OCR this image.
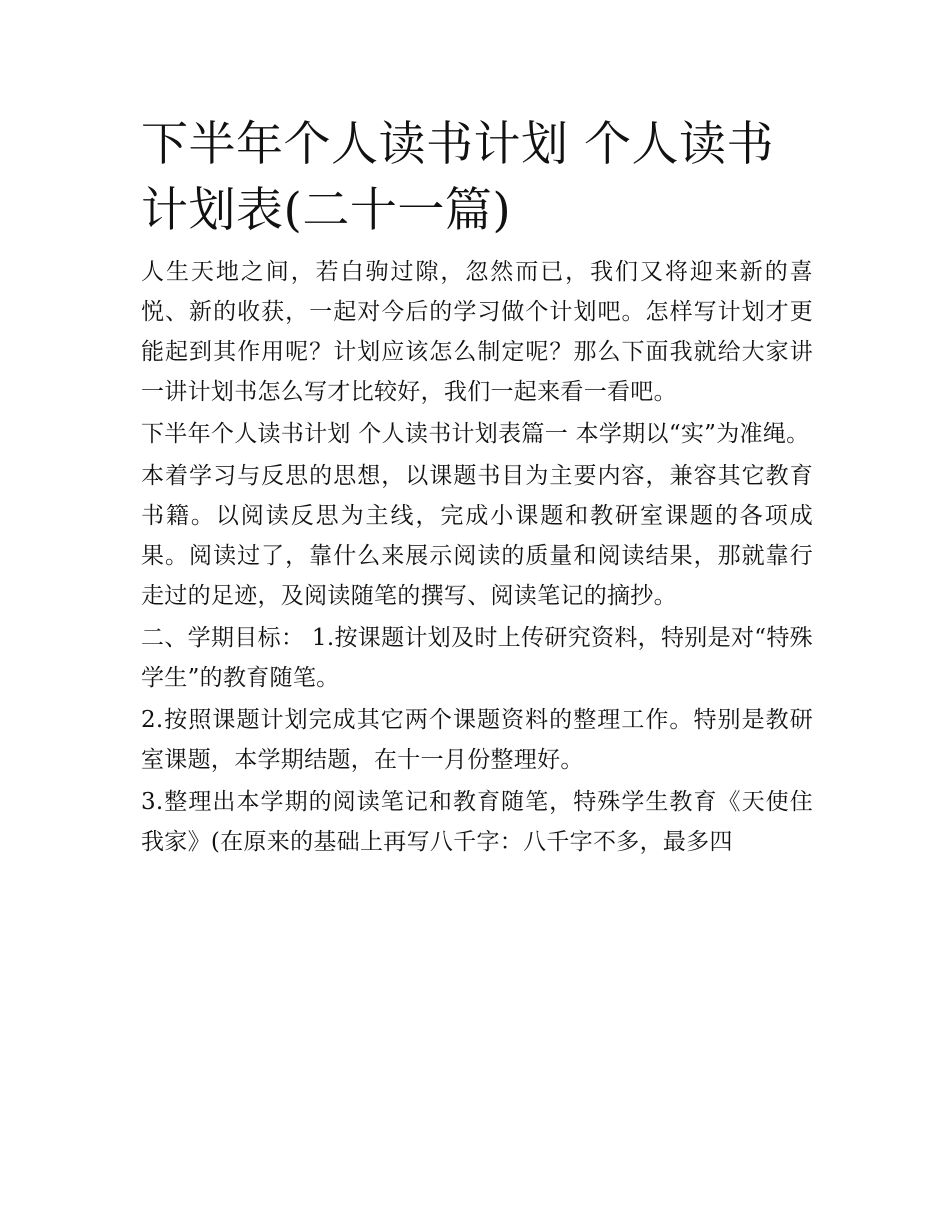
下半年个人读书计划 个人读书计划表(二十一篇)

人生天地之间，若白驹过隙，忽然而已，我们又将迎来新的喜悦、新的收获，一起对今后的学习做个计划吧。怎样写计划才更能起到其作用呢？计划应该怎么制定呢？那么下面我就给大家讲一讲计划书怎么写才比较好，我们一起来看一看吧。

下半年个人读书计划 个人读书计划表篇一 本学期以“实”为准绳。

本着学习与反思的思想，以课题书目为主要内容，兼容其它教育书籍。以阅读反思为主线，完成小课题和教研室课题的各项成果。阅读过了，靠什么来展示阅读的质量和阅读结果，那就靠行走过的足迹，及阅读随笔的撰写、阅读笔记的摘抄。

二、学期目标： 1.按课题计划及时上传研究资料，特别是对“特殊学生”的教育随笔。

2.按照课题计划完成其它两个课题资料的整理工作。特别是教研室课题，本学期结题，在十一月份整理好。

3.整理出本学期的阅读笔记和教育随笔，特殊学生教育《天使住我家》(在原来的基础上再写八千字：八千字不多，最多四
